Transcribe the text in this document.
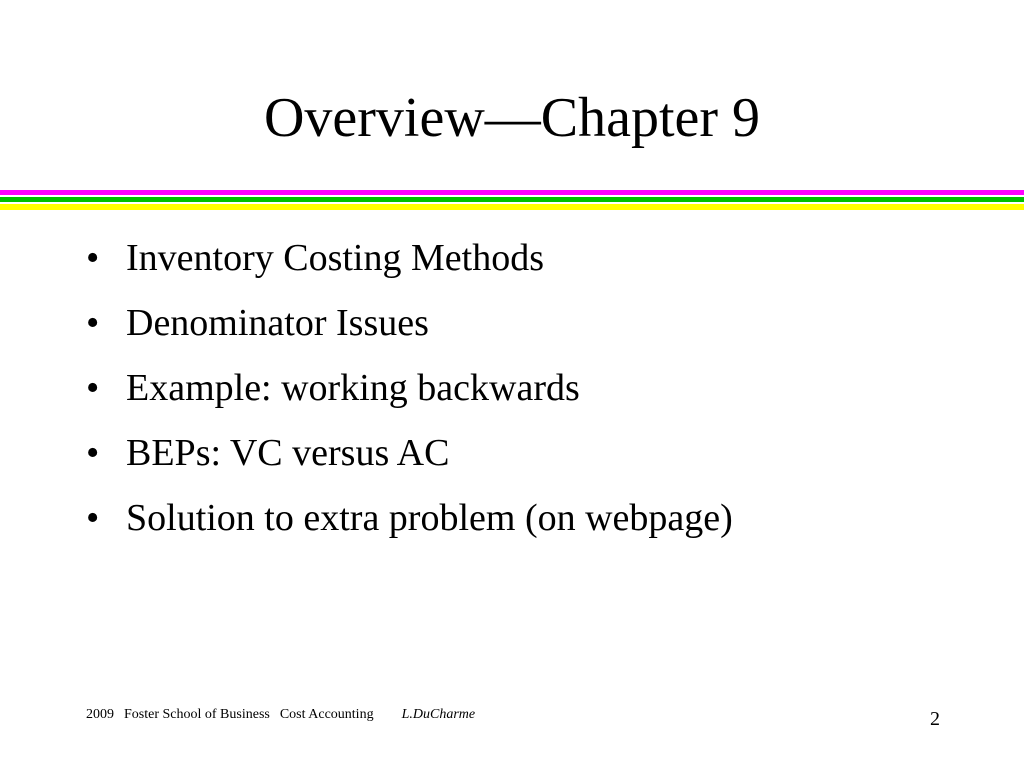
Overview—Chapter 9
• Inventory Costing Methods
• Denominator Issues
• Example: working backwards
• BEPs: VC versus AC
• Solution to extra problem (on webpage)
2009 Foster School of Business Cost Accounting L.DuCharme	2
